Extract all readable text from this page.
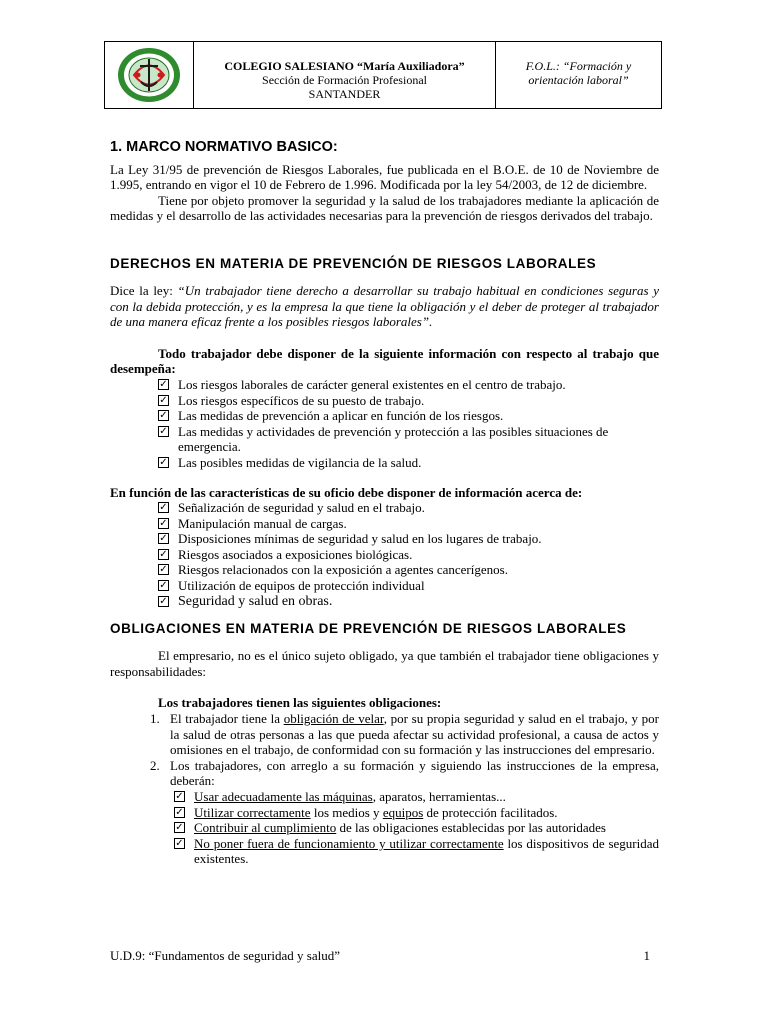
COLEGIO SALESIANO “María Auxiliadora”
Sección de Formación Profesional
SANTANDER
F.O.L.: “Formación y
orientación laboral”
1. MARCO NORMATIVO BASICO:

La Ley 31/95 de prevención de Riesgos Laborales, fue publicada en el B.O.E. de 10 de Noviembre de 1.995, entrando en vigor el 10 de Febrero de 1.996. Modificada por la ley 54/2003, de 12 de diciembre.

Tiene por objeto promover la seguridad y la salud de los trabajadores mediante la aplicación de medidas y el desarrollo de las actividades necesarias para la prevención de riesgos derivados del trabajo.

DERECHOS EN MATERIA DE PREVENCIÓN DE RIESGOS LABORALES

Dice la ley: “Un trabajador tiene derecho a desarrollar su trabajo habitual en condiciones seguras y con la debida protección, y es la empresa la que tiene la obligación y el deber de proteger al trabajador de una manera eficaz frente a los posibles riesgos laborales”.

Todo trabajador debe disponer de la siguiente información con respecto al trabajo que desempeña:

✓ Los riesgos laborales de carácter general existentes en el centro de trabajo.
✓ Los riesgos específicos de su puesto de trabajo.
✓ Las medidas de prevención a aplicar en función de los riesgos.
✓ Las medidas y actividades de prevención y protección a las posibles situaciones de emergencia.
✓ Las posibles medidas de vigilancia de la salud.

En función de las características de su oficio debe disponer de información acerca de:

✓ Señalización de seguridad y salud en el trabajo.
✓ Manipulación manual de cargas.
✓ Disposiciones mínimas de seguridad y salud en los lugares de trabajo.
✓ Riesgos asociados a exposiciones biológicas.
✓ Riesgos relacionados con la exposición a agentes cancerígenos.
✓ Utilización de equipos de protección individual
✓ Seguridad y salud en obras.
OBLIGACIONES EN MATERIA DE PREVENCIÓN DE RIESGOS LABORALES

El empresario, no es el único sujeto obligado, ya que también el trabajador tiene obligaciones y responsabilidades:

Los trabajadores tienen las siguientes obligaciones:

1. El trabajador tiene la obligación de velar, por su propia seguridad y salud en el trabajo, y por la salud de otras personas a las que pueda afectar su actividad profesional, a causa de actos y omisiones en el trabajo, de conformidad con su formación y las instrucciones del empresario.
2. Los trabajadores, con arreglo a su formación y siguiendo las instrucciones de la empresa, deberán:
✓ Usar adecuadamente las máquinas, aparatos, herramientas...
✓ Utilizar correctamente los medios y equipos de protección facilitados.
✓ Contribuir al cumplimiento de las obligaciones establecidas por las autoridades
✓ No poner fuera de funcionamiento y utilizar correctamente los dispositivos de seguridad existentes.
U.D.9: “Fundamentos de seguridad y salud”	1
